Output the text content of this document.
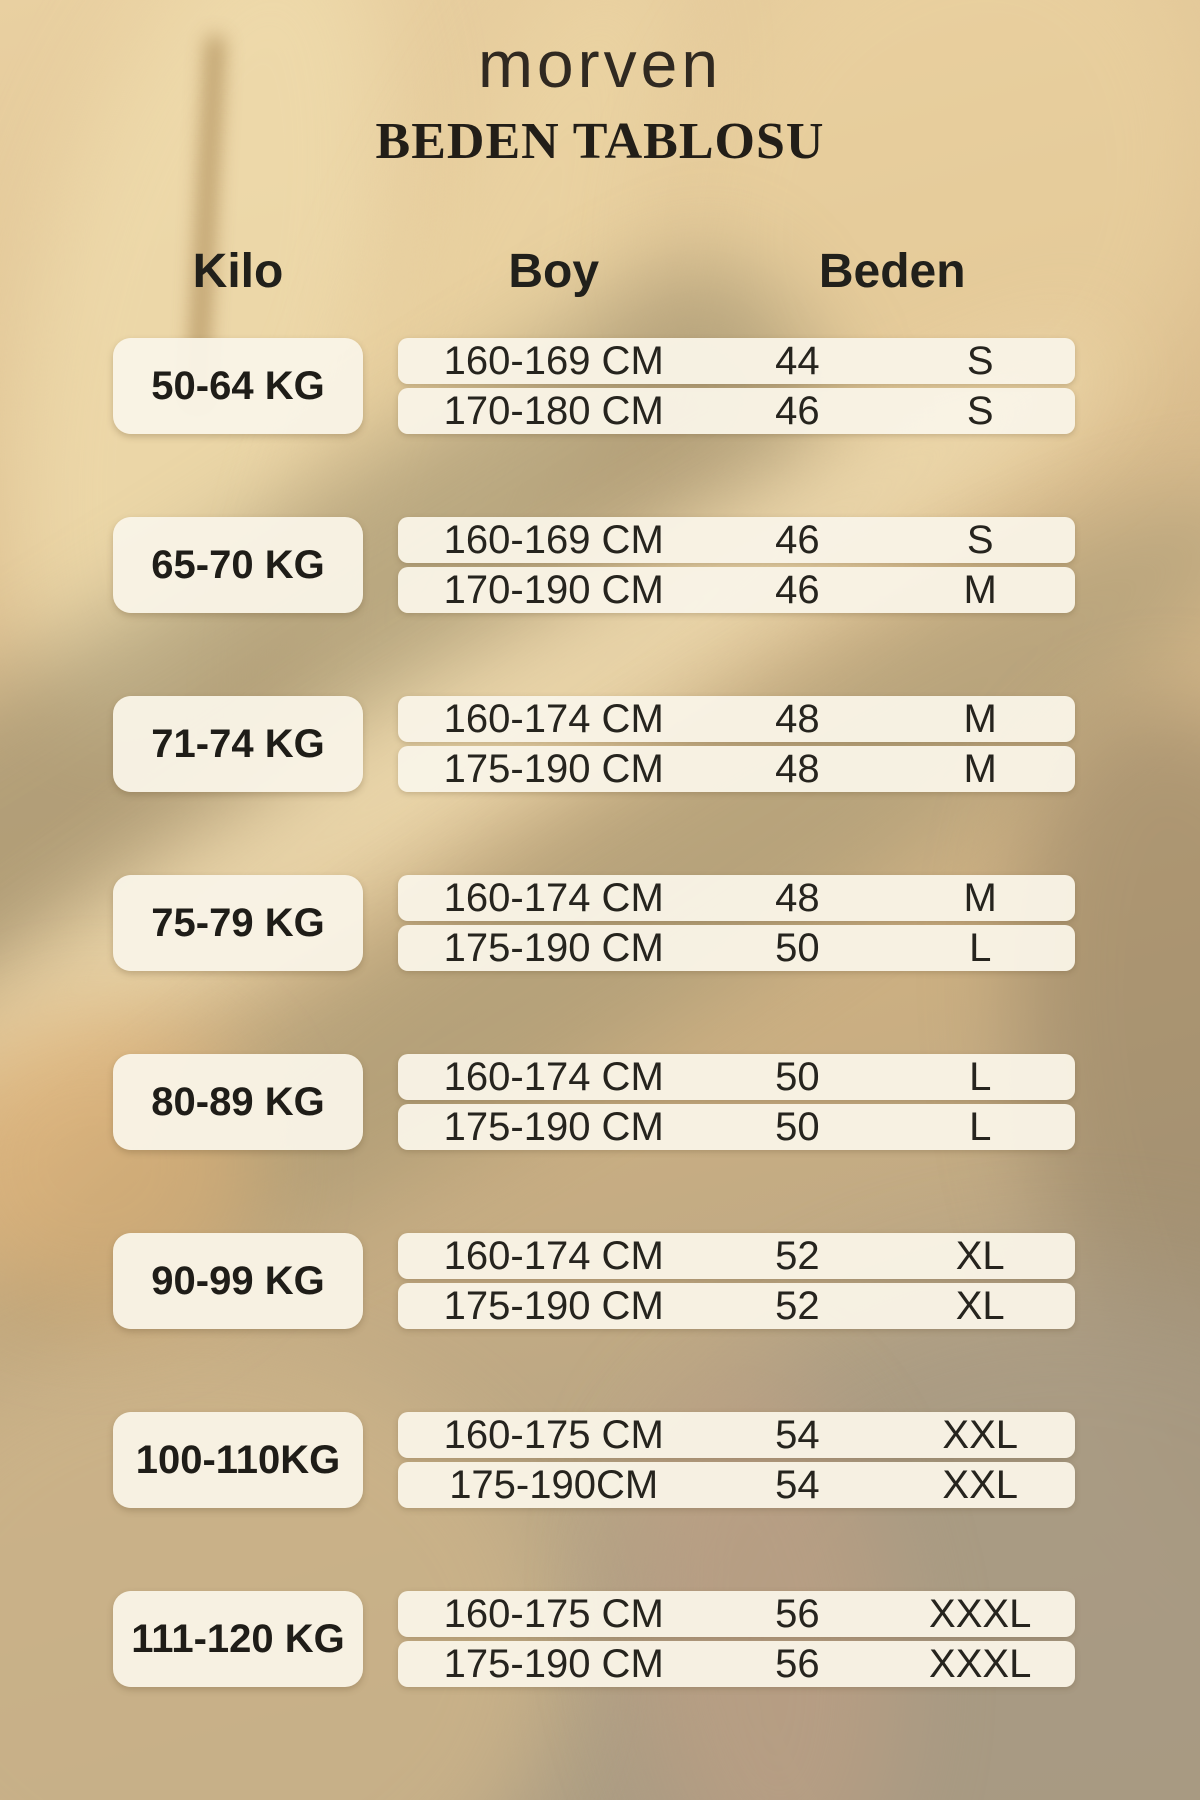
morven
BEDEN TABLOSU
Kilo	Boy	Beden
50-64 KG
160-169 CM	44	S
170-180 CM	46	S
65-70 KG
160-169 CM	46	S
170-190 CM	46	M
71-74 KG
160-174 CM	48	M
175-190 CM	48	M
75-79 KG
160-174 CM	48	M
175-190 CM	50	L
80-89 KG
160-174 CM	50	L
175-190 CM	50	L
90-99 KG
160-174 CM	52	XL
175-190 CM	52	XL
100-110KG
160-175 CM	54	XXL
175-190CM	54	XXL
111-120 KG
160-175 CM	56	XXXL
175-190 CM	56	XXXL
